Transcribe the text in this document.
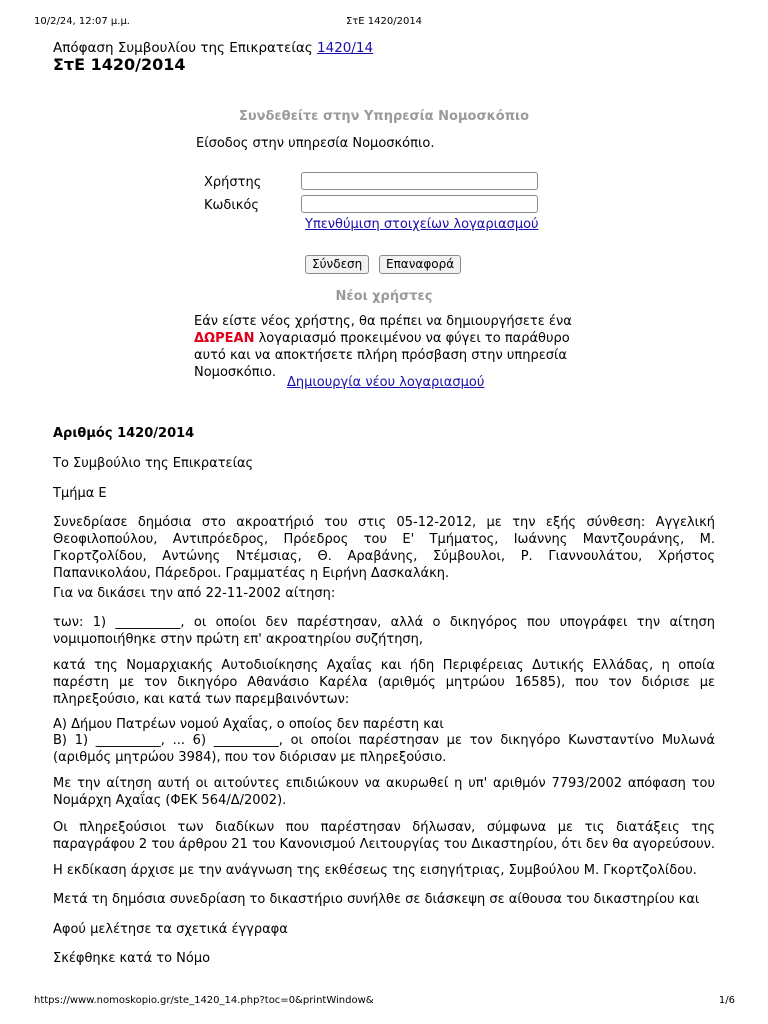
10/2/24, 12:07 μ.μ.	ΣτΕ 1420/2014
Απόφαση Συμβουλίου της Επικρατείας 1420/14
ΣτΕ 1420/2014
Συνδεθείτε στην Υπηρεσία Νομοσκόπιο
Είσοδος στην υπηρεσία Νομοσκόπιο.
Χρήστης
Κωδικός
Υπενθύμιση στοιχείων λογαριασμού
Σύνδεση	Επαναφορά
Νέοι χρήστες
Εάν είστε νέος χρήστης, θα πρέπει να δημιουργήσετε ένα
ΔΩΡΕΑΝ λογαριασμό προκειμένου να φύγει το παράθυρο αυτό και να αποκτήσετε πλήρη πρόσβαση στην υπηρεσία Νομοσκόπιο.
Δημιουργία νέου λογαριασμού
Αριθμός 1420/2014
Το Συμβούλιο της Επικρατείας
Τμήμα Ε
Συνεδρίασε δημόσια στο ακροατήριό του στις 05-12-2012, με την εξής σύνθεση: Αγγελική Θεοφιλοπούλου, Αντιπρόεδρος, Πρόεδρος του Ε' Τμήματος, Ιωάννης Μαντζουράνης, Μ. Γκορτζολίδου, Αντώνης Ντέμσιας, Θ. Αραβάνης, Σύμβουλοι, Ρ. Γιαννουλάτου, Χρήστος Παπανικολάου, Πάρεδροι. Γραμματέας η Ειρήνη Δασκαλάκη.
Για να δικάσει την από 22-11-2002 αίτηση:
των: 1) __________, οι οποίοι δεν παρέστησαν, αλλά ο δικηγόρος που υπογράφει την αίτηση νομιμοποιήθηκε στην πρώτη επ' ακροατηρίου συζήτηση,
κατά της Νομαρχιακής Αυτοδιοίκησης Αχαΐας και ήδη Περιφέρειας Δυτικής Ελλάδας, η οποία παρέστη με τον δικηγόρο Αθανάσιο Καρέλα (αριθμός μητρώου 16585), που τον διόρισε με πληρεξούσιο, και κατά των παρεμβαινόντων:
Α) Δήμου Πατρέων νομού Αχαΐας, ο οποίος δεν παρέστη και
Β) 1) __________, ... 6) __________, οι οποίοι παρέστησαν με τον δικηγόρο Κωνσταντίνο Μυλωνά (αριθμός μητρώου 3984), που τον διόρισαν με πληρεξούσιο.
Με την αίτηση αυτή οι αιτούντες επιδιώκουν να ακυρωθεί η υπ' αριθμόν 7793/2002 απόφαση του Νομάρχη Αχαΐας (ΦΕΚ 564/Δ/2002).
Οι πληρεξούσιοι των διαδίκων που παρέστησαν δήλωσαν, σύμφωνα με τις διατάξεις της παραγράφου 2 του άρθρου 21 του Κανονισμού Λειτουργίας του Δικαστηρίου, ότι δεν θα αγορεύσουν.
Η εκδίκαση άρχισε με την ανάγνωση της εκθέσεως της εισηγήτριας, Συμβούλου Μ. Γκορτζολίδου.
Μετά τη δημόσια συνεδρίαση το δικαστήριο συνήλθε σε διάσκεψη σε αίθουσα του δικαστηρίου και
Αφού μελέτησε τα σχετικά έγγραφα
Σκέφθηκε κατά το Νόμο
https://www.nomoskopio.gr/ste_1420_14.php?toc=0&printWindow&	1/6
